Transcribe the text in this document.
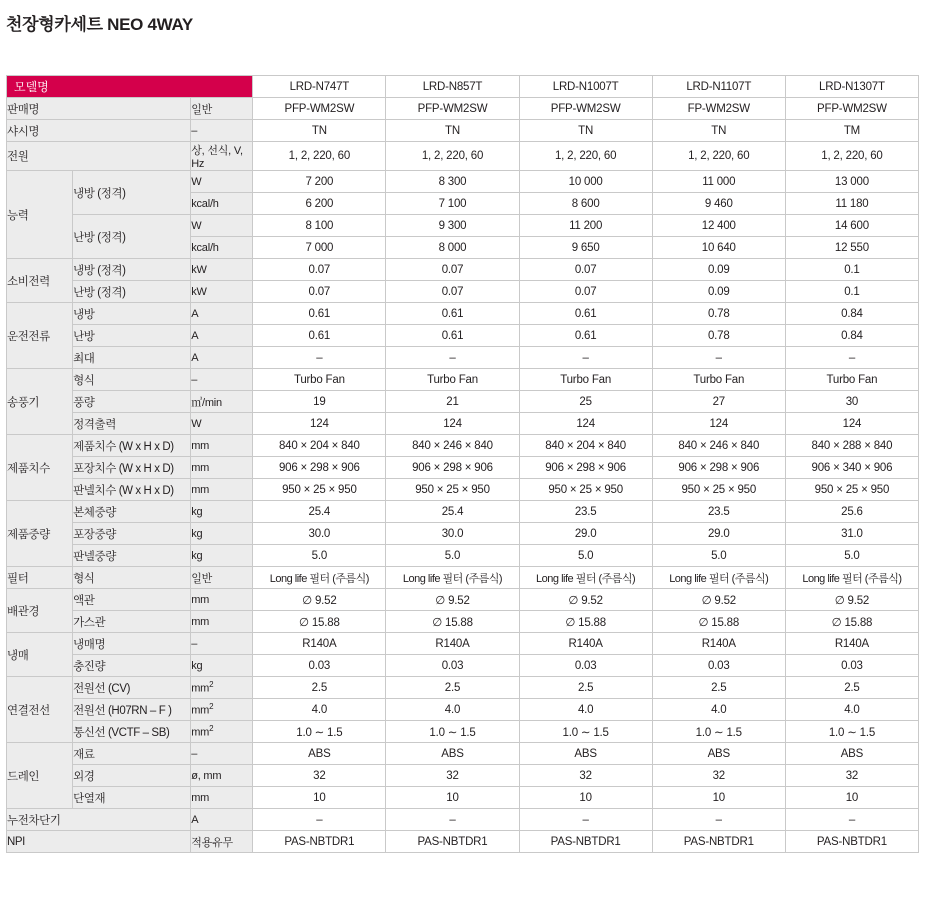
천장형카세트 NEO 4WAY
모델명			LRD-N747T	LRD-N857T	LRD-N1007T	LRD-N1107T	LRD-N1307T
판매명		일반	PFP-WM2SW	PFP-WM2SW	PFP-WM2SW	FP-WM2SW	PFP-WM2SW
샤시명		–	TN	TN	TN	TN	TM
전원		상, 선식, V, Hz	1, 2, 220, 60	1, 2, 220, 60	1, 2, 220, 60	1, 2, 220, 60	1, 2, 220, 60
능력	냉방 (정격)	W	7 200	8 300	10 000	11 000	13 000
		kcal/h	6 200	7 100	8 600	9 460	11 180
	난방 (정격)	W	8 100	9 300	11 200	12 400	14 600
		kcal/h	7 000	8 000	9 650	10 640	12 550
소비전력	냉방 (정격)	kW	0.07	0.07	0.07	0.09	0.1
	난방 (정격)	kW	0.07	0.07	0.07	0.09	0.1
운전전류	냉방	A	0.61	0.61	0.61	0.78	0.84
	난방	A	0.61	0.61	0.61	0.78	0.84
	최대	A	–	–	–	–	–
송풍기	형식	–	Turbo Fan	Turbo Fan	Turbo Fan	Turbo Fan	Turbo Fan
	풍량	㎥/min	19	21	25	27	30
	정격출력	W	124	124	124	124	124
제품치수	제품치수 (W x H x D)	mm	840 × 204 × 840	840 × 246 × 840	840 × 204 × 840	840 × 246 × 840	840 × 288 × 840
	포장치수 (W x H x D)	mm	906 × 298 × 906	906 × 298 × 906	906 × 298 × 906	906 × 298 × 906	906 × 340 × 906
	판넬치수 (W x H x D)	mm	950 × 25 × 950	950 × 25 × 950	950 × 25 × 950	950 × 25 × 950	950 × 25 × 950
제품중량	본체중량	kg	25.4	25.4	23.5	23.5	25.6
	포장중량	kg	30.0	30.0	29.0	29.0	31.0
	판넬중량	kg	5.0	5.0	5.0	5.0	5.0
필터	형식	일반	Long life 필터 (주름식)	Long life 필터 (주름식)	Long life 필터 (주름식)	Long life 필터 (주름식)	Long life 필터 (주름식)
배관경	액관	mm	∅ 9.52	∅ 9.52	∅ 9.52	∅ 9.52	∅ 9.52
	가스관	mm	∅ 15.88	∅ 15.88	∅ 15.88	∅ 15.88	∅ 15.88
냉매	냉매명	–	R140A	R140A	R140A	R140A	R140A
	충진량	kg	0.03	0.03	0.03	0.03	0.03
연결전선	전원선 (CV)	$mm^2$	2.5	2.5	2.5	2.5	2.5
	전원선 (H07RN – F )	$mm^2$	4.0	4.0	4.0	4.0	4.0
	통신선 (VCTF – SB)	$mm^2$	1.0 ∼ 1.5	1.0 ∼ 1.5	1.0 ∼ 1.5	1.0 ∼ 1.5	1.0 ∼ 1.5
드레인	재료	–	ABS	ABS	ABS	ABS	ABS
	외경	ø, mm	32	32	32	32	32
	단열재	mm	10	10	10	10	10
누전차단기		A	–	–	–	–	–
NPI		적용유무	PAS-NBTDR1	PAS-NBTDR1	PAS-NBTDR1	PAS-NBTDR1	PAS-NBTDR1
